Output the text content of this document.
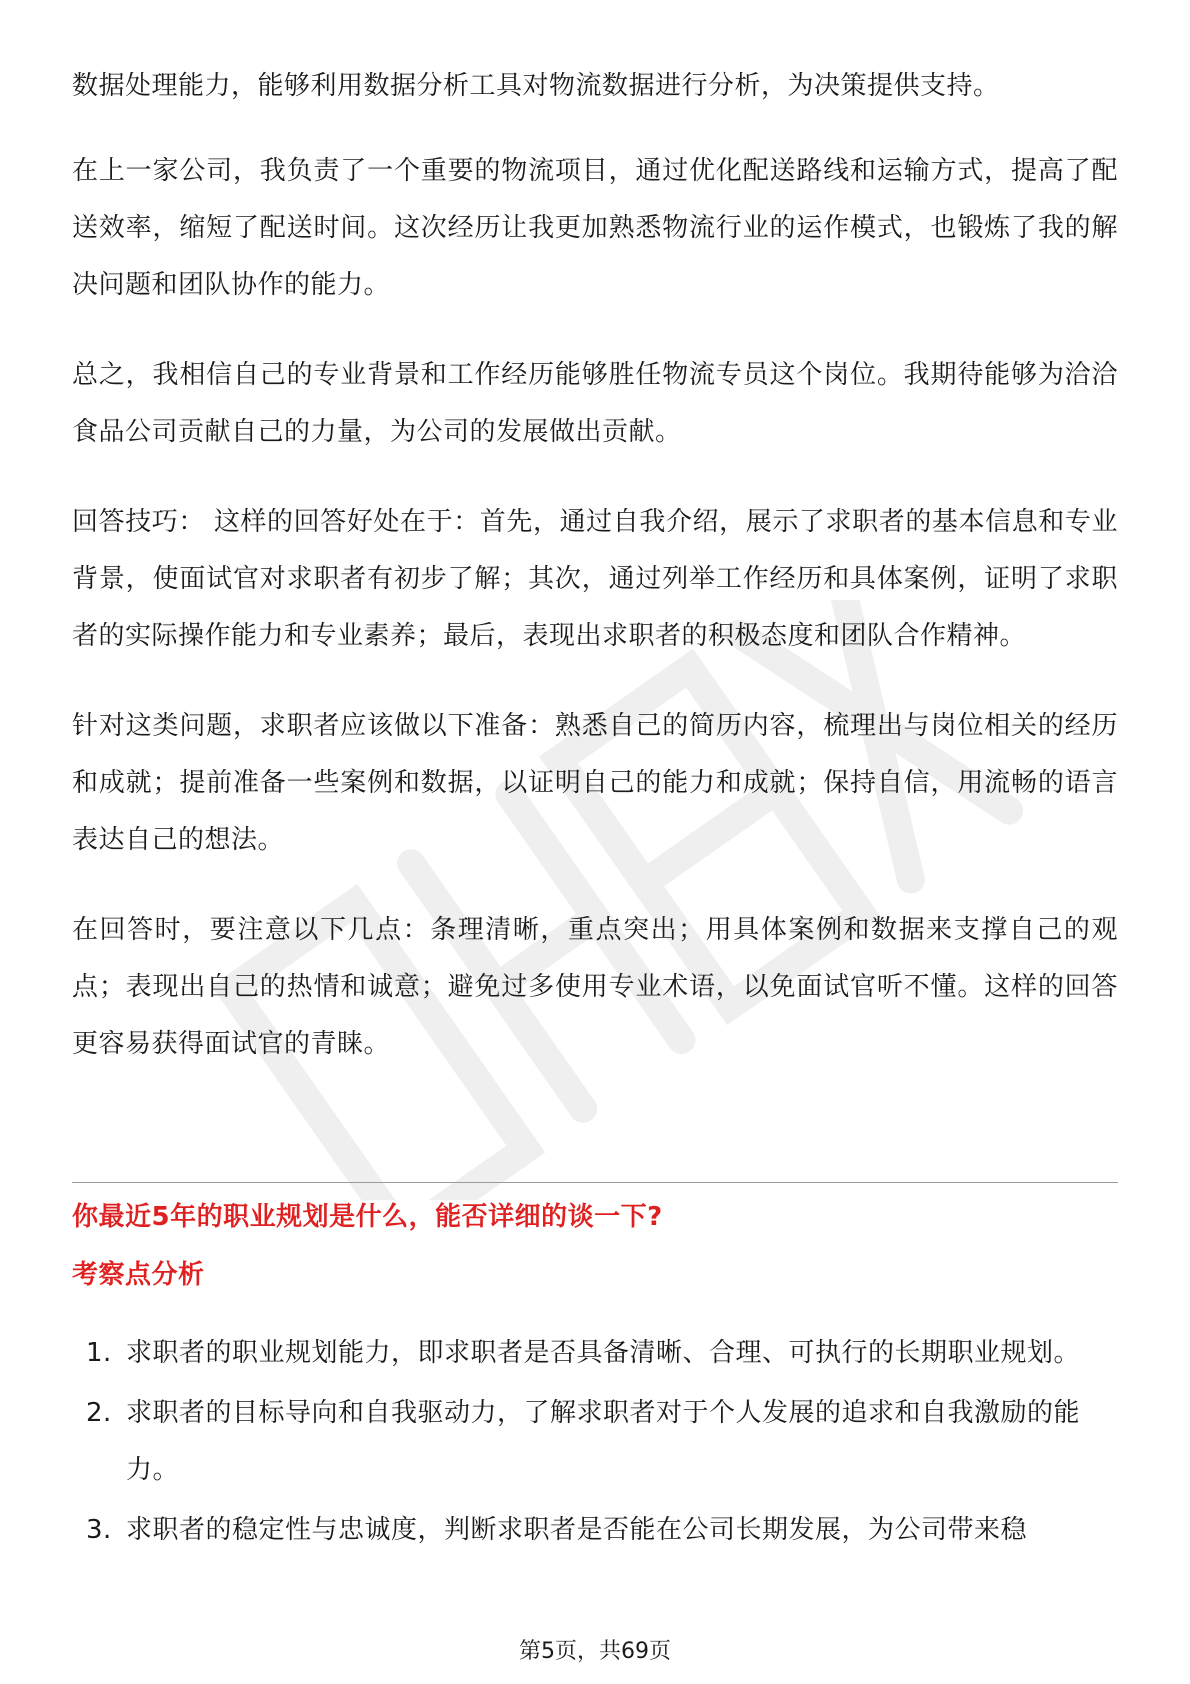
数据处理能力，能够利用数据分析工具对物流数据进行分析，为决策提供支持。

在上一家公司，我负责了一个重要的物流项目，通过优化配送路线和运输方式，提高了配送效率，缩短了配送时间。这次经历让我更加熟悉物流行业的运作模式，也锻炼了我的解决问题和团队协作的能力。

总之，我相信自己的专业背景和工作经历能够胜任物流专员这个岗位。我期待能够为洽洽食品公司贡献自己的力量，为公司的发展做出贡献。

回答技巧： 这样的回答好处在于：首先，通过自我介绍，展示了求职者的基本信息和专业背景，使面试官对求职者有初步了解；其次，通过列举工作经历和具体案例，证明了求职者的实际操作能力和专业素养；最后，表现出求职者的积极态度和团队合作精神。

针对这类问题，求职者应该做以下准备：熟悉自己的简历内容，梳理出与岗位相关的经历和成就；提前准备一些案例和数据，以证明自己的能力和成就；保持自信，用流畅的语言表达自己的想法。

在回答时，要注意以下几点：条理清晰，重点突出；用具体案例和数据来支撑自己的观点；表现出自己的热情和诚意；避免过多使用专业术语，以免面试官听不懂。这样的回答更容易获得面试官的青睐。

你最近5年的职业规划是什么，能否详细的谈一下?
考察点分析
1. 求职者的职业规划能力，即求职者是否具备清晰、合理、可执行的长期职业规划。
2. 求职者的目标导向和自我驱动力，了解求职者对于个人发展的追求和自我激励的能力。
3. 求职者的稳定性与忠诚度，判断求职者是否能在公司长期发展，为公司带来稳
第5页，共69页
